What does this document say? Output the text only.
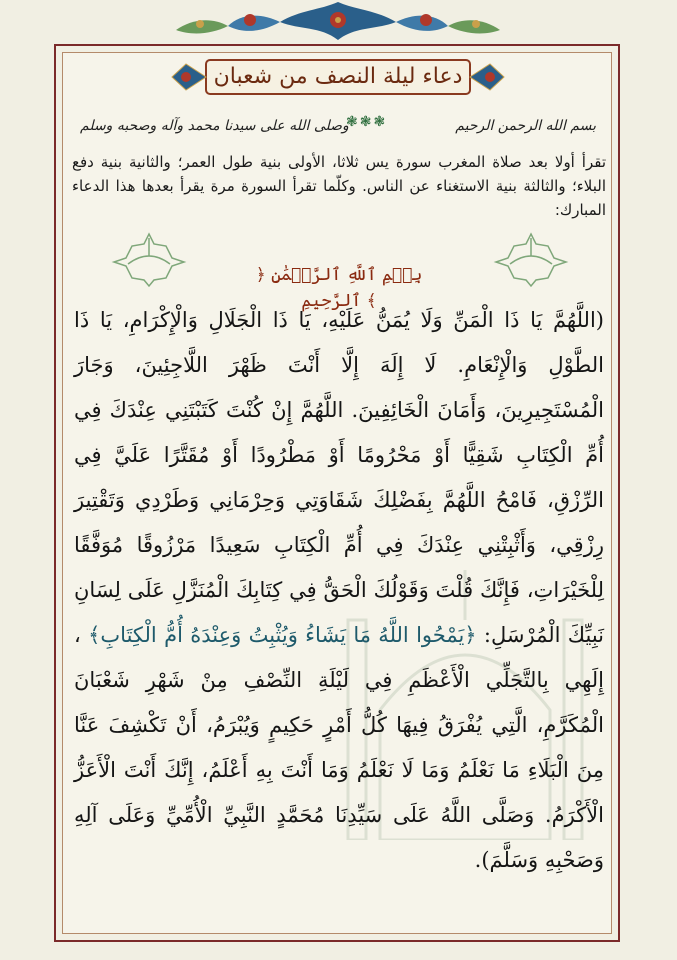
دعاء ليلة النصف من شعبان
بسم الله الرحمن الرحيم
❃❃❃
وصلى الله على سيدنا محمد وآله وصحبه وسلم
تقرأ أولا بعد صلاة المغرب سورة يس ثلاثا، الأولى بنية طول العمر؛ والثانية بنية دفع البلاء؛ والثالثة بنية الاستغناء عن الناس. وكلّما تقرأ السورة مرة يقرأ بعدها هذا الدعاء المبارك:
﴿ بِسۡمِ ٱللَّهِ ٱلرَّحۡمَٰنِ ٱلرَّحِيمِ ﴾

(اللَّهُمَّ يَا ذَا الْمَنِّ وَلَا يُمَنُّ عَلَيْهِ، يَا ذَا الْجَلَالِ وَالْإِكْرَامِ، يَا ذَا الطَّوْلِ وَالْإِنْعَامِ. لَا إِلَهَ إِلَّا أَنْتَ ظَهْرَ اللَّاجِئِينَ، وَجَارَ الْمُسْتَجِيرِينَ، وَأَمَانَ الْخَائِفِينَ. اللَّهُمَّ إِنْ كُنْتَ كَتَبْتَنِي عِنْدَكَ فِي أُمِّ الْكِتَابِ شَقِيًّا أَوْ مَحْرُومًا أَوْ مَطْرُودًا أَوْ مُقَتَّرًا عَلَيَّ فِي الرِّزْقِ، فَامْحُ اللَّهُمَّ بِفَضْلِكَ شَقَاوَتِي وَحِرْمَانِي وَطَرْدِي وَتَقْتِيرَ رِزْقِي، وَأَثْبِتْنِي عِنْدَكَ فِي أُمِّ الْكِتَابِ سَعِيدًا مَرْزُوقًا مُوَفَّقًا لِلْخَيْرَاتِ، فَإِنَّكَ قُلْتَ وَقَوْلُكَ الْحَقُّ فِي كِتَابِكَ الْمُنَزَّلِ عَلَى لِسَانِ نَبِيِّكَ الْمُرْسَلِ: ﴿يَمْحُوا اللَّهُ مَا يَشَاءُ وَيُثْبِتُ وَعِنْدَهُ أُمُّ الْكِتَابِ﴾ ، إِلَهِي بِالتَّجَلِّي الْأَعْظَمِ فِي لَيْلَةِ النِّصْفِ مِنْ شَهْرِ شَعْبَانَ الْمُكَرَّمِ، الَّتِي يُفْرَقُ فِيهَا كُلُّ أَمْرٍ حَكِيمٍ وَيُبْرَمُ، أَنْ تَكْشِفَ عَنَّا مِنَ الْبَلَاءِ مَا نَعْلَمُ وَمَا لَا نَعْلَمُ وَمَا أَنْتَ بِهِ أَعْلَمُ، إِنَّكَ أَنْتَ الْأَعَزُّ الْأَكْرَمُ. وَصَلَّى اللَّهُ عَلَى سَيِّدِنَا مُحَمَّدٍ النَّبِيِّ الْأُمِّيِّ وَعَلَى آلِهِ وَصَحْبِهِ وَسَلَّمَ).
